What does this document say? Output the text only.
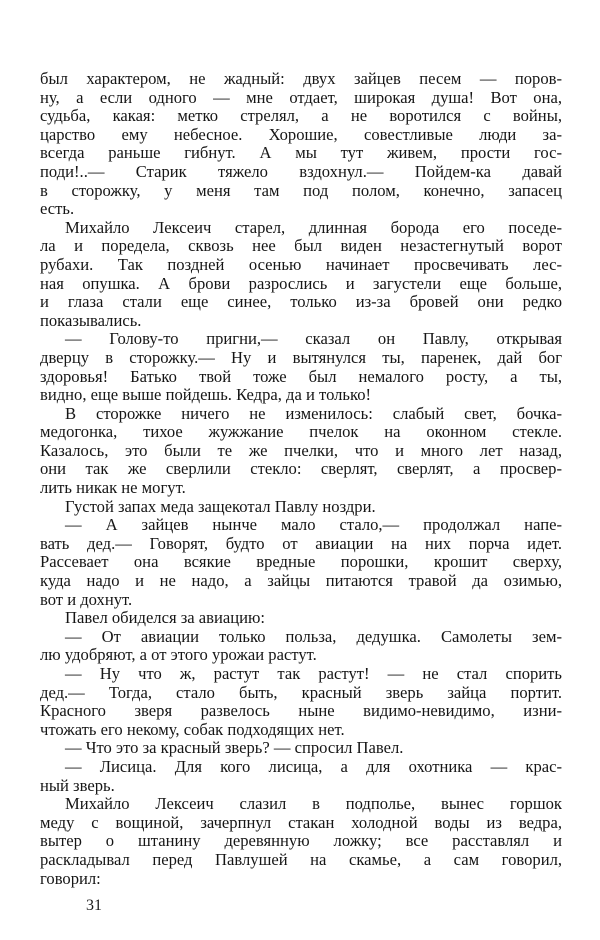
был характером, не жадный: двух зайцев песем — поров-
ну, а если одного — мне отдает, широкая душа! Вот она,
судьба, какая: метко стрелял, а не воротился с войны,
царство ему небесное. Хорошие, совестливые люди за-
всегда раньше гибнут. А мы тут живем, прости гос-
поди!..— Старик тяжело вздохнул.— Пойдем-ка давай
в сторожку, у меня там под полом, конечно, запасец
есть.
Михайло Лексеич старел, длинная борода его поседе-
ла и поредела, сквозь нее был виден незастегнутый ворот
рубахи. Так поздней осенью начинает просвечивать лес-
ная опушка. А брови разрослись и загустели еще больше,
и глаза стали еще синее, только из-за бровей они редко
показывались.
— Голову-то пригни,— сказал он Павлу, открывая
дверцу в сторожку.— Ну и вытянулся ты, паренек, дай бог
здоровья! Батько твой тоже был немалого росту, а ты,
видно, еще выше пойдешь. Кедра, да и только!
В сторожке ничего не изменилось: слабый свет, бочка-
медогонка, тихое жужжание пчелок на оконном стекле.
Казалось, это были те же пчелки, что и много лет назад,
они так же сверлили стекло: сверлят, сверлят, а просвер-
лить никак не могут.
Густой запах меда защекотал Павлу ноздри.
— А зайцев нынче мало стало,— продолжал напе-
вать дед.— Говорят, будто от авиации на них порча идет.
Рассевает она всякие вредные порошки, крошит сверху,
куда надо и не надо, а зайцы питаются травой да озимью,
вот и дохнут.
Павел обиделся за авиацию:
— От авиации только польза, дедушка. Самолеты зем-
лю удобряют, а от этого урожаи растут.
— Ну что ж, растут так растут! — не стал спорить
дед.— Тогда, стало быть, красный зверь зайца портит.
Красного зверя развелось ныне видимо-невидимо, изни-
чтожать его некому, собак подходящих нет.
— Что это за красный зверь? — спросил Павел.
— Лисица. Для кого лисица, а для охотника — крас-
ный зверь.
Михайло Лексеич слазил в подполье, вынес горшок
меду с вощиной, зачерпнул стакан холодной воды из ведра,
вытер о штанину деревянную ложку; все расставлял и
раскладывал перед Павлушей на скамье, а сам говорил,
говорил:
31
